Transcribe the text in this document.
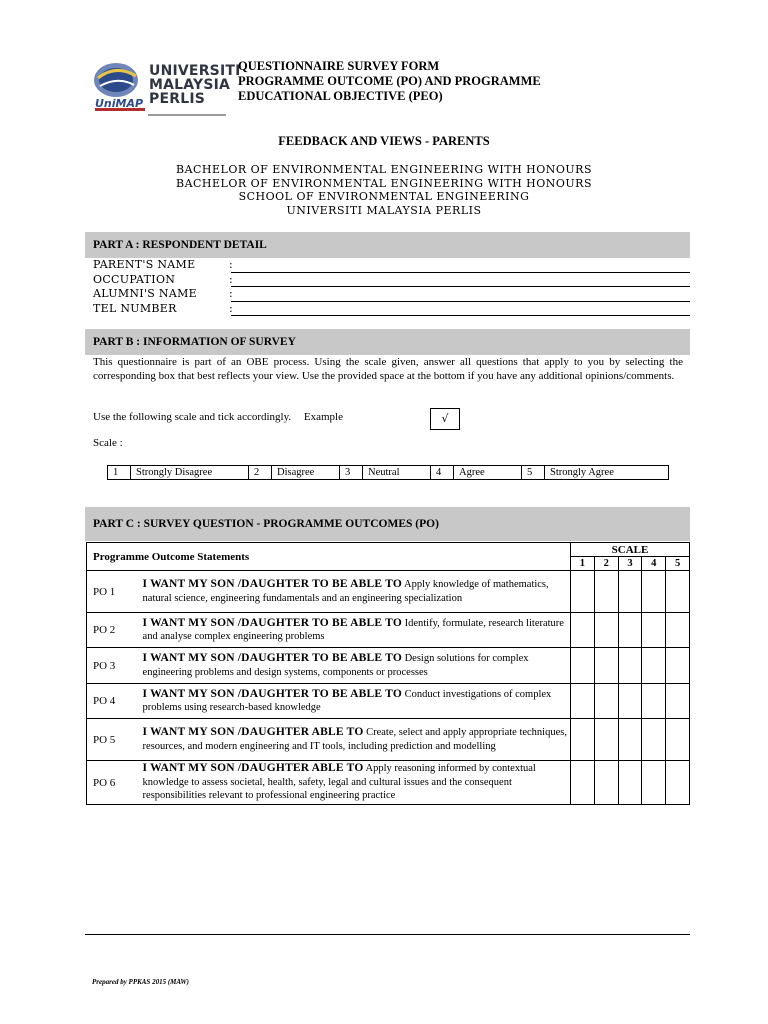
UNIVERSITI
MALAYSIA
PERLIS
UniMAP
QUESTIONNAIRE SURVEY FORM
PROGRAMME OUTCOME (PO) AND PROGRAMME
EDUCATIONAL OBJECTIVE (PEO)
FEEDBACK AND VIEWS - PARENTS
BACHELOR OF ENVIRONMENTAL ENGINEERING WITH HONOURS
BACHELOR OF ENVIRONMENTAL ENGINEERING WITH HONOURS
SCHOOL OF ENVIRONMENTAL ENGINEERING
UNIVERSITI MALAYSIA PERLIS
PART A : RESPONDENT DETAIL
PARENT'S NAME	:
OCCUPATION	:
ALUMNI'S NAME	:
TEL NUMBER	:
PART B : INFORMATION OF SURVEY
This questionnaire is part of an OBE process. Using the scale given, answer all questions that apply to you by selecting the corresponding box that best reflects your view. Use the provided space at the bottom if you have any additional opinions/comments.
Use the following scale and tick accordingly. Example	√
Scale :
1	Strongly Disagree	2	Disagree	3	Neutral	4	Agree	5	Strongly Agree
PART C : SURVEY QUESTION - PROGRAMME OUTCOMES (PO)
Programme Outcome Statements		SCALE				
		1	2	3	4	5
PO 1	I WANT MY SON /DAUGHTER TO BE ABLE TO Apply knowledge of mathematics, natural science, engineering fundamentals and an engineering specialization					
PO 2	I WANT MY SON /DAUGHTER TO BE ABLE TO Identify, formulate, research literature and analyse complex engineering problems					
PO 3	I WANT MY SON /DAUGHTER TO BE ABLE TO Design solutions for complex engineering problems and design systems, components or processes					
PO 4	I WANT MY SON /DAUGHTER TO BE ABLE TO Conduct investigations of complex problems using research-based knowledge					
PO 5	I WANT MY SON /DAUGHTER ABLE TO Create, select and apply appropriate techniques, resources, and modern engineering and IT tools, including prediction and modelling					
PO 6	I WANT MY SON /DAUGHTER ABLE TO Apply reasoning informed by contextual knowledge to assess societal, health, safety, legal and cultural issues and the consequent responsibilities relevant to professional engineering practice					
Prepared by PPKAS 2015 (MAW)
